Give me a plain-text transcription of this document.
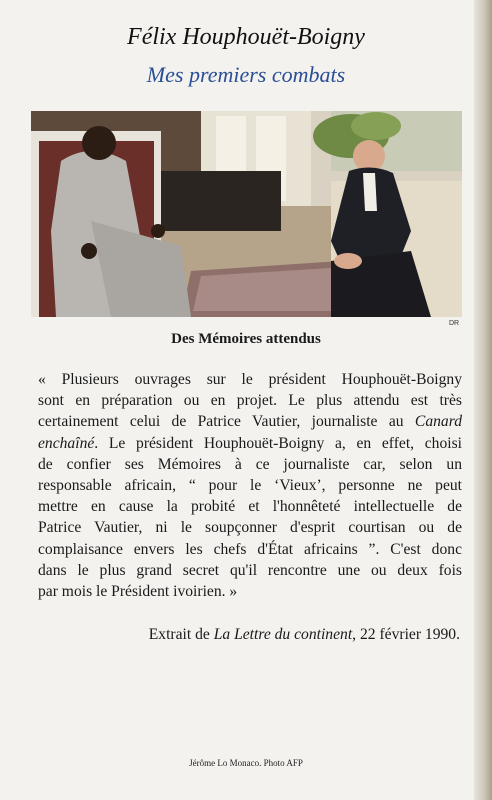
Félix Houphouët-Boigny
Mes premiers combats
DR
Des Mémoires attendus
« Plusieurs ouvrages sur le président Houphouët-Boigny
sont en préparation ou en projet. Le plus attendu est très
certainement celui de Patrice Vautier, journaliste au Canard
enchaîné. Le président Houphouët-Boigny a, en effet, choisi
de confier ses Mémoires à ce journaliste car, selon un
responsable africain, “ pour le ‘Vieux’, personne ne peut
mettre en cause la probité et l'honnêteté intellectuelle de
Patrice Vautier, ni le soupçonner d'esprit courtisan ou de
complaisance envers les chefs d'État africains ”. C'est donc
dans le plus grand secret qu'il rencontre une ou deux fois
par mois le Président ivoirien. »
Extrait de La Lettre du continent, 22 février 1990.
Jérôme Lo Monaco. Photo AFP
